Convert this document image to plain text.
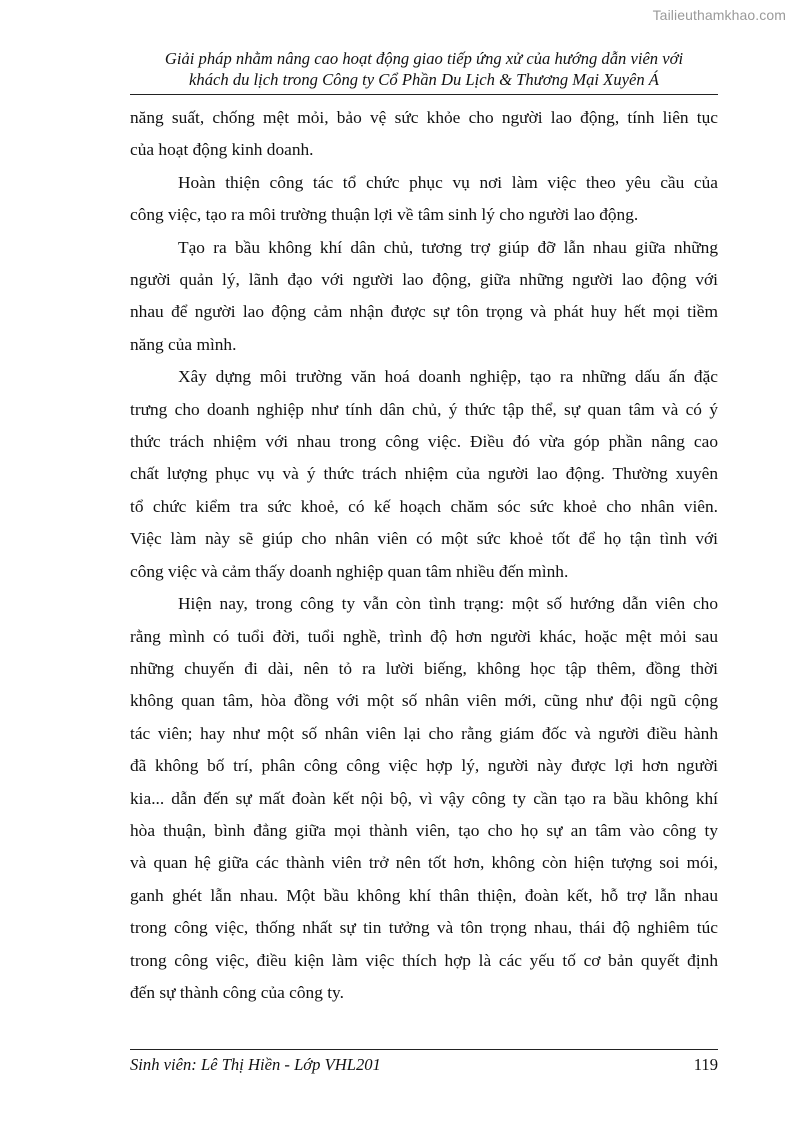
Tailieuthamkhao.com
Giải pháp nhằm nâng cao hoạt động giao tiếp ứng xử của hướng dẫn viên với
khách du lịch trong Công ty Cổ Phần Du Lịch & Thương Mại Xuyên Á

năng suất, chống mệt mỏi, bảo vệ sức khỏe cho người lao động, tính liên tục
của hoạt động kinh doanh.

Hoàn thiện công tác tổ chức phục vụ nơi làm việc theo yêu cầu của
công việc, tạo ra môi trường thuận lợi về tâm sinh lý cho người lao động.

Tạo ra bầu không khí dân chủ, tương trợ giúp đỡ lẫn nhau giữa những
người quản lý, lãnh đạo với người lao động, giữa những người lao động với
nhau để người lao động cảm nhận được sự tôn trọng và phát huy hết mọi tiềm
năng của mình.

Xây dựng môi trường văn hoá doanh nghiệp, tạo ra những dấu ấn đặc
trưng cho doanh nghiệp như tính dân chủ, ý thức tập thể, sự quan tâm và có ý
thức trách nhiệm với nhau trong công việc. Điều đó vừa góp phần nâng cao
chất lượng phục vụ và ý thức trách nhiệm của người lao động. Thường xuyên
tổ chức kiểm tra sức khoẻ, có kế hoạch chăm sóc sức khoẻ cho nhân viên.
Việc làm này sẽ giúp cho nhân viên có một sức khoẻ tốt để họ tận tình với
công việc và cảm thấy doanh nghiệp quan tâm nhiều đến mình.

Hiện nay, trong công ty vẫn còn tình trạng: một số hướng dẫn viên cho
rằng mình có tuổi đời, tuổi nghề, trình độ hơn người khác, hoặc mệt mỏi sau
những chuyến đi dài, nên tỏ ra lười biếng, không học tập thêm, đồng thời
không quan tâm, hòa đồng với một số nhân viên mới, cũng như đội ngũ cộng
tác viên; hay như một số nhân viên lại cho rằng giám đốc và người điều hành
đã không bố trí, phân công công việc hợp lý, người này được lợi hơn người
kia... dẫn đến sự mất đoàn kết nội bộ, vì vậy công ty cần tạo ra bầu không khí
hòa thuận, bình đẳng giữa mọi thành viên, tạo cho họ sự an tâm vào công ty
và quan hệ giữa các thành viên trở nên tốt hơn, không còn hiện tượng soi mói,
ganh ghét lẫn nhau. Một bầu không khí thân thiện, đoàn kết, hỗ trợ lẫn nhau
trong công việc, thống nhất sự tin tưởng và tôn trọng nhau, thái độ nghiêm túc
trong công việc, điều kiện làm việc thích hợp là các yếu tố cơ bản quyết định
đến sự thành công của công ty.

Sinh viên: Lê Thị Hiền - Lớp VHL201	119
